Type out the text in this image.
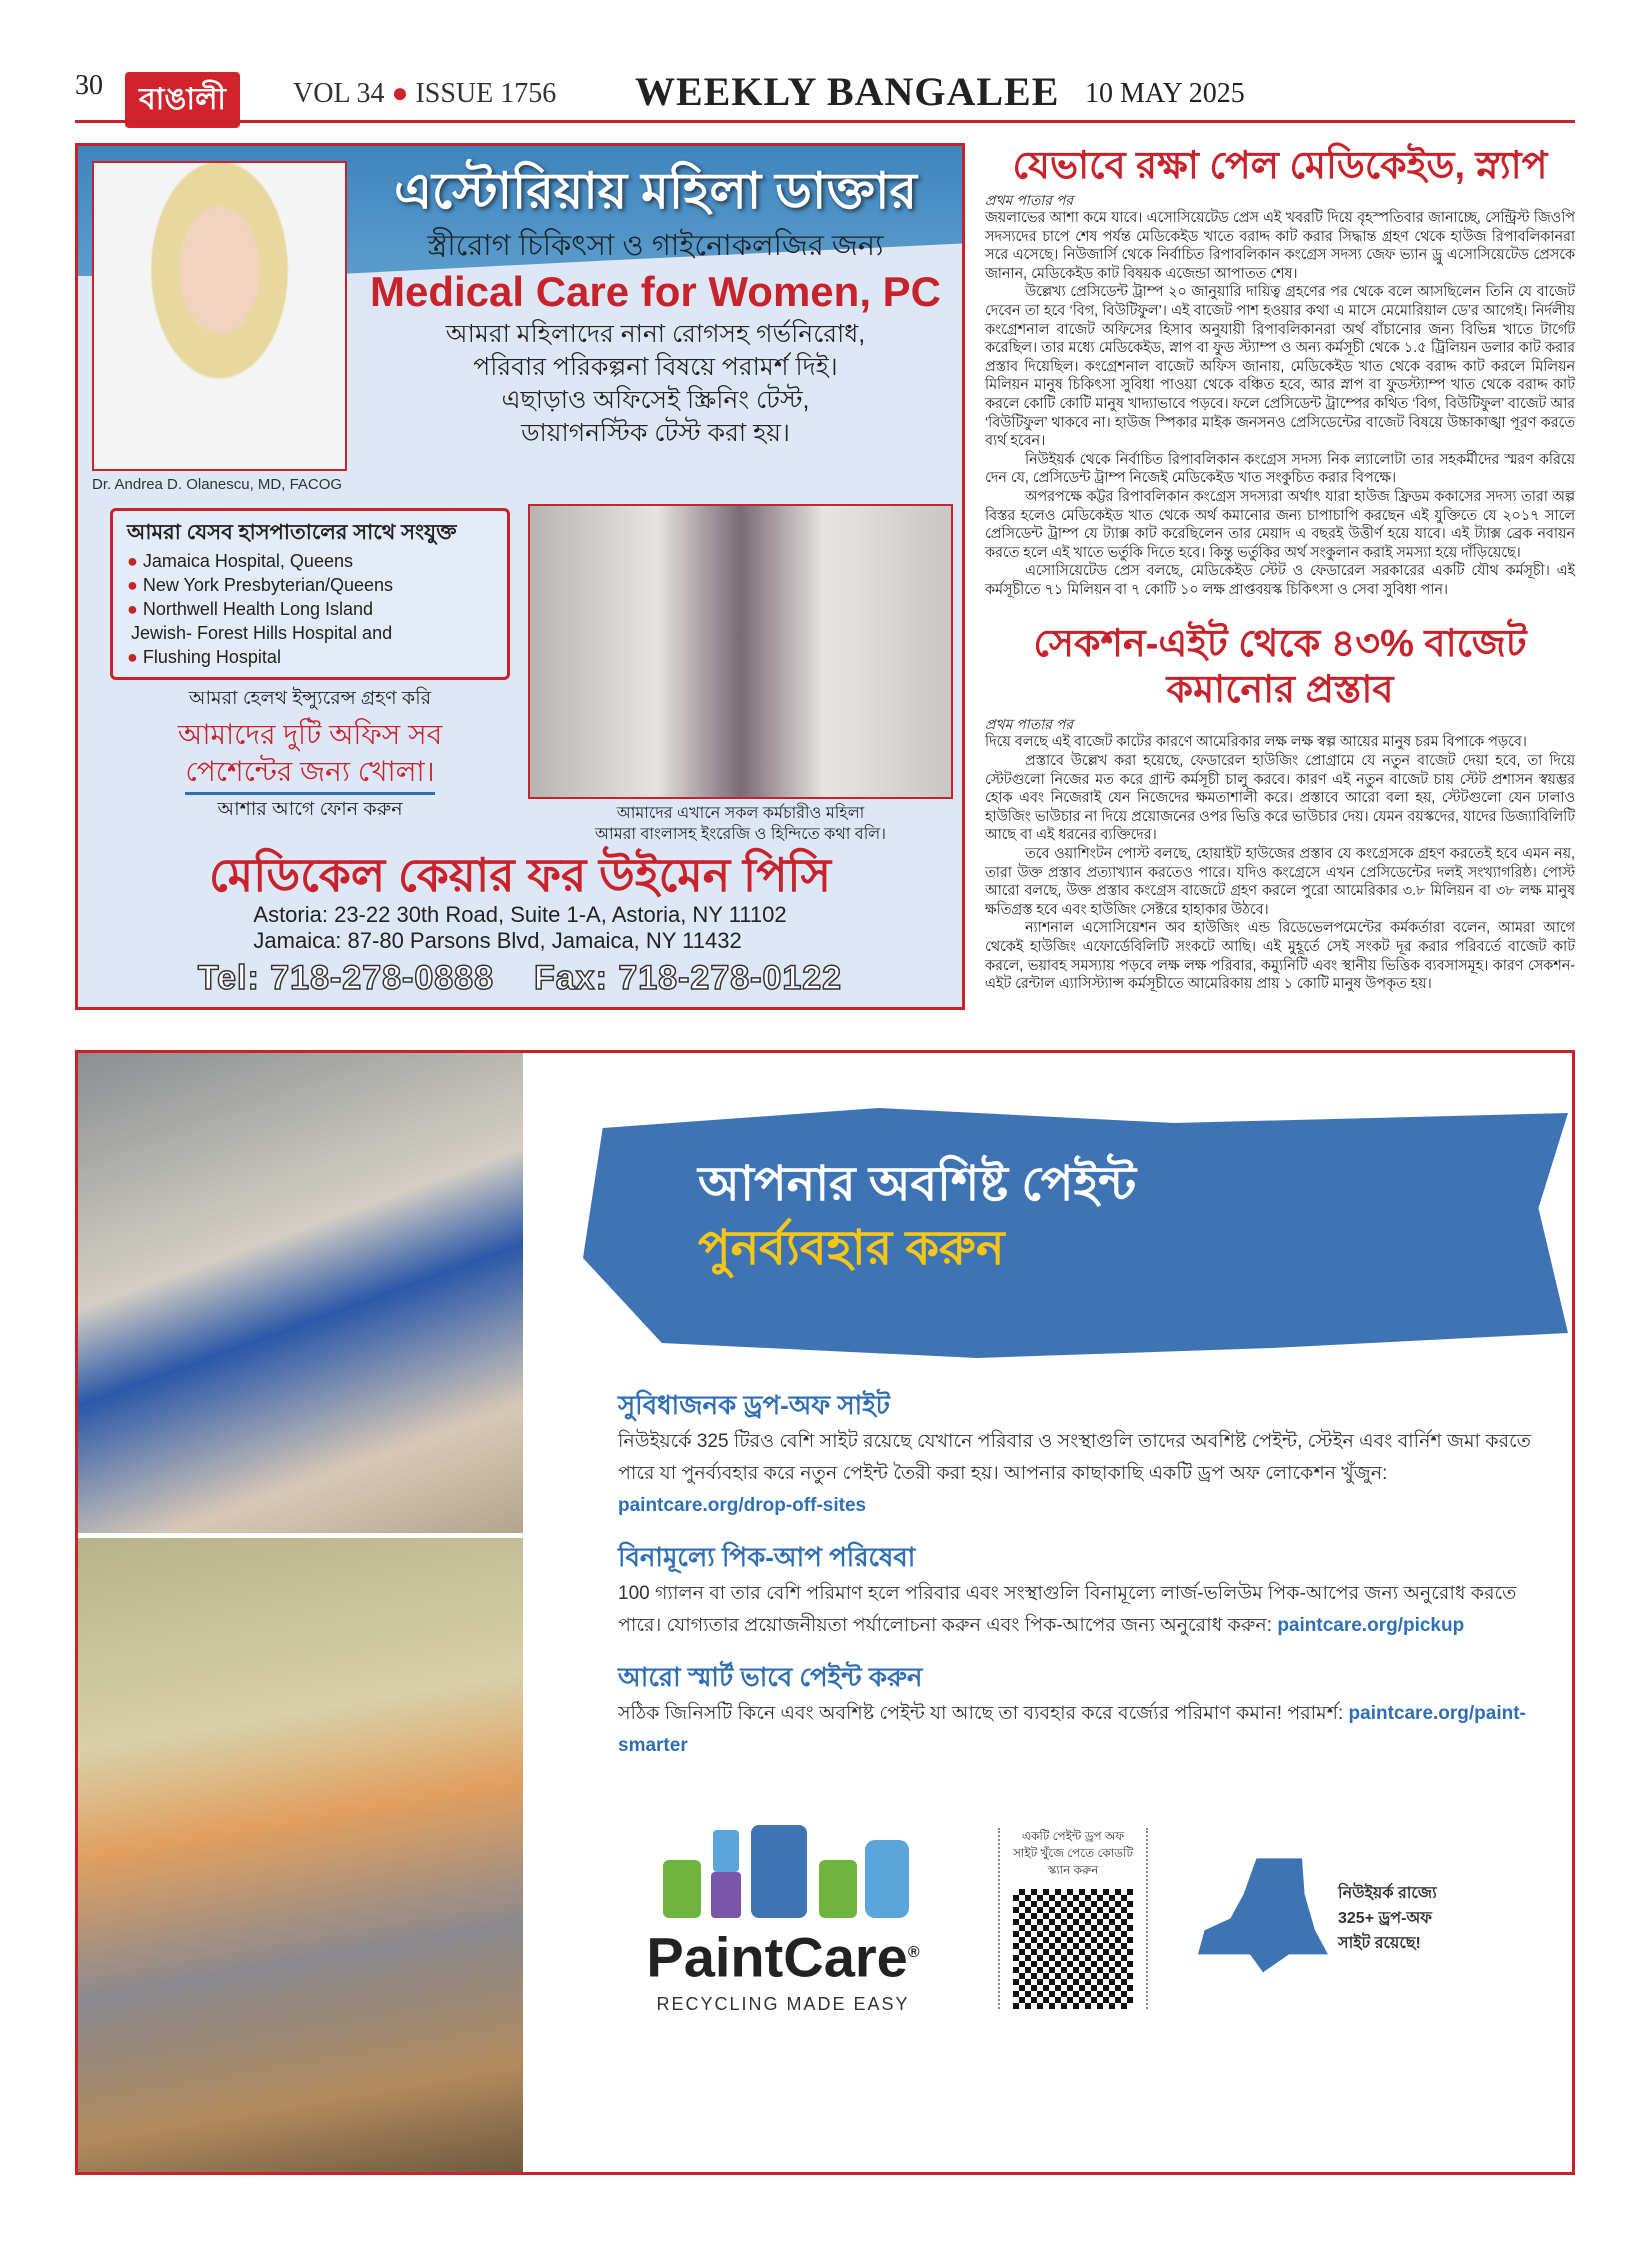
30	বাঙালী	VOL 34 ● ISSUE 1756 WEEKLY BANGALEE 10 MAY 2025
Dr. Andrea D. Olanescu, MD, FACOG
এস্টোরিয়ায় মহিলা ডাক্তার
স্ত্রীরোগ চিকিৎসা ও গাইনোকলজির জন্য
Medical Care for Women, PC
আমরা মহিলাদের নানা রোগসহ গর্ভনিরোধ,
পরিবার পরিকল্পনা বিষয়ে পরামর্শ দিই।
এছাড়াও অফিসেই স্ক্রিনিং টেস্ট,
ডায়াগনস্টিক টেস্ট করা হয়।
আমরা যেসব হাসপাতালের সাথে সংযুক্ত
● Jamaica Hospital, Queens
● New York Presbyterian/Queens
● Northwell Health Long Island
Jewish- Forest Hills Hospital and
● Flushing Hospital
আমরা হেলথ ইন্স্যুরেন্স গ্রহণ করি
আমাদের দুটি অফিস সব
পেশেন্টের জন্য খোলা।
আশার আগে ফোন করুন	আমাদের এখানে সকল কর্মচারীও মহিলা
আমরা বাংলাসহ ইংরেজি ও হিন্দিতে কথা বলি।
মেডিকেল কেয়ার ফর উইমেন পিসি
Astoria: 23-22 30th Road, Suite 1-A, Astoria, NY 11102
Jamaica: 87-80 Parsons Blvd, Jamaica, NY 11432
Tel: 718-278-0888 Fax: 718-278-0122
যেভাবে রক্ষা পেল মেডিকেইড, স্ন্যাপ
প্রথম পাতার পর

জয়লাভের আশা কমে যাবে। এসোসিয়েটেড প্রেস এই খবরটি দিয়ে বৃহস্পতিবার জানাচ্ছে, সেন্ট্রিস্ট জিওপি সদস্যদের চাপে শেষ পর্যন্ত মেডিকেইড খাতে বরাদ্দ কাট করার সিদ্ধান্ত গ্রহণ থেকে হাউজ রিপাবলিকানরা সরে এসেছে। নিউজার্সি থেকে নির্বাচিত রিপাবলিকান কংগ্রেস সদস্য জেফ ভ্যান ড্রু এসোসিয়েটেড প্রেসকে জানান, মেডিকেইড কাট বিষয়ক এজেন্ডা আপাতত শেষ।

উল্লেখ্য প্রেসিডেন্ট ট্রাম্প ২০ জানুয়ারি দায়িত্ব গ্রহণের পর থেকে বলে আসছিলেন তিনি যে বাজেট দেবেন তা হবে ‘বিগ, বিউটিফুল’। এই বাজেট পাশ হওয়ার কথা এ মাসে মেমোরিয়াল ডে’র আগেই। নির্দলীয় কংগ্রেশনাল বাজেট অফিসের হিসাব অনুযায়ী রিপাবলিকানরা অর্থ বাঁচানোর জন্য বিভিন্ন খাতে টার্গেট করেছিল। তার মধ্যে মেডিকেইড, স্নাপ বা ফুড স্ট্যাম্প ও অন্য কর্মসূচী থেকে ১.৫ ট্রিলিয়ন ডলার কাট করার প্রস্তাব দিয়েছিল। কংগ্রেশনাল বাজেট অফিস জানায়, মেডিকেইড খাত থেকে বরাদ্দ কাট করলে মিলিয়ন মিলিয়ন মানুষ চিকিৎসা সুবিধা পাওয়া থেকে বঞ্চিত হবে, আর স্নাপ বা ফুডস্ট্যাম্প খাত থেকে বরাদ্দ কাট করলে কোটি কোটি মানুষ খাদ্যাভাবে পড়বে। ফলে প্রেসিডেন্ট ট্রাম্পের কথিত ‘বিগ, বিউটিফুল’ বাজেট আর ‘বিউটিফুল’ থাকবে না। হাউজ স্পিকার মাইক জনসনও প্রেসিডেন্টের বাজেট বিষয়ে উচ্চাকাঙ্খা পূরণ করতে ব্যর্থ হবেন।

নিউইয়র্ক থেকে নির্বাচিত রিপাবলিকান কংগ্রেস সদস্য নিক ল্যালোটা তার সহকর্মীদের স্মরণ করিয়ে দেন যে, প্রেসিডেন্ট ট্রাম্প নিজেই মেডিকেইড খাত সংকুচিত করার বিপক্ষে।

অপরপক্ষে কট্টর রিপাবলিকান কংগ্রেস সদস্যরা অর্থাৎ যারা হাউজ ফ্রিডম ককাসের সদস্য তারা অল্প বিস্তর হলেও মেডিকেইড খাত থেকে অর্থ কমানোর জন্য চাপাচাপি করছেন এই যুক্তিতে যে ২০১৭ সালে প্রেসিডেন্ট ট্রাম্প যে ট্যাক্স কাট করেছিলেন তার মেয়াদ এ বছরই উত্তীর্ণ হয়ে যাবে। এই ট্যাক্স ব্রেক নবায়ন করতে হলে এই খাতে ভর্তুকি দিতে হবে। কিন্তু ভর্তুকির অর্থ সংকুলান করাই সমস্যা হয়ে দাঁড়িয়েছে।

এসোসিয়েটেড প্রেস বলছে, মেডিকেইড স্টেট ও ফেডারেল সরকারের একটি যৌথ কর্মসূচী। এই কর্মসূচীতে ৭১ মিলিয়ন বা ৭ কোটি ১০ লক্ষ প্রাপ্তবয়স্ক চিকিৎসা ও সেবা সুবিধা পান।

সেকশন-এইট থেকে ৪৩% বাজেট কমানোর প্রস্তাব
প্রথম পাতার পর

দিয়ে বলছে এই বাজেট কাটের কারণে আমেরিকার লক্ষ লক্ষ স্বল্প আয়ের মানুষ চরম বিপাকে পড়বে।

প্রস্তাবে উল্লেখ করা হয়েছে, ফেডারেল হাউজিং প্রোগ্রামে যে নতুন বাজেট দেয়া হবে, তা দিয়ে স্টেটগুলো নিজের মত করে গ্রান্ট কর্মসূচী চালু করবে। কারণ এই নতুন বাজেট চায় স্টেট প্রশাসন স্বয়ম্ভর হোক এবং নিজেরাই যেন নিজেদের ক্ষমতাশালী করে। প্রস্তাবে আরো বলা হয়, স্টেটগুলো যেন ঢালাও হাউজিং ভাউচার না দিয়ে প্রয়োজনের ওপর ভিত্তি করে ভাউচার দেয়। যেমন বয়স্কদের, যাদের ডিজ্যাবিলিটি আছে বা এই ধরনের ব্যক্তিদের।

তবে ওয়াশিংটন পোস্ট বলছে, হোয়াইট হাউজের প্রস্তাব যে কংগ্রেসকে গ্রহণ করতেই হবে এমন নয়, তারা উক্ত প্রস্তাব প্রত্যাখ্যান করতেও পারে। যদিও কংগ্রেসে এখন প্রেসিডেন্টের দলই সংখ্যাগরিষ্ঠ। পোস্ট আরো বলছে, উক্ত প্রস্তাব কংগ্রেস বাজেটে গ্রহণ করলে পুরো আমেরিকার ৩.৮ মিলিয়ন বা ৩৮ লক্ষ মানুষ ক্ষতিগ্রস্ত হবে এবং হাউজিং সেক্টরে হাহাকার উঠবে।

ন্যাশনাল এসোসিয়েশন অব হাউজিং এন্ড রিডেভেলপমেন্টের কর্মকর্তারা বলেন, আমরা আগে থেকেই হাউজিং এফোর্ডেবিলিটি সংকটে আছি। এই মুহূর্তে সেই সংকট দূর করার পরিবর্তে বাজেট কাট করলে, ভয়াবহ সমস্যায় পড়বে লক্ষ লক্ষ পরিবার, কম্যুনিটি এবং স্থানীয় ভিত্তিক ব্যবসাসমূহ। কারণ সেকশন-এইট রেন্টাল এ্যাসিস্ট্যান্স কর্মসূচীতে আমেরিকায় প্রায় ১ কোটি মানুষ উপকৃত হয়।

আপনার অবশিষ্ট পেইন্ট
পুনর্ব্যবহার করুন
সুবিধাজনক ড্রপ-অফ সাইট

নিউইয়র্কে 325 টিরও বেশি সাইট রয়েছে যেখানে পরিবার ও সংস্থাগুলি তাদের অবশিষ্ট পেইন্ট, স্টেইন এবং বার্নিশ জমা করতে পারে যা পুনর্ব্যবহার করে নতুন পেইন্ট তৈরী করা হয়। আপনার কাছাকাছি একটি ড্রপ অফ লোকেশন খুঁজুন: paintcare.org/drop-off-sites

বিনামূল্যে পিক-আপ পরিষেবা

100 গ্যালন বা তার বেশি পরিমাণ হলে পরিবার এবং সংস্থাগুলি বিনামূল্যে লার্জ-ভলিউম পিক-আপের জন্য অনুরোধ করতে পারে। যোগ্যতার প্রয়োজনীয়তা পর্যালোচনা করুন এবং পিক-আপের জন্য অনুরোধ করুন: paintcare.org/pickup

আরো স্মার্ট ভাবে পেইন্ট করুন

সঠিক জিনিসটি কিনে এবং অবশিষ্ট পেইন্ট যা আছে তা ব্যবহার করে বর্জ্যের পরিমাণ কমান! পরামর্শ: paintcare.org/paint-smarter

PaintCare®
RECYCLING MADE EASY
একটি পেইন্ট ড্রপ অফ সাইট খুঁজে পেতে কোডটি স্ক্যান করুন
নিউইয়র্ক রাজ্যে
325+ ড্রপ-অফ
সাইট রয়েছে!
